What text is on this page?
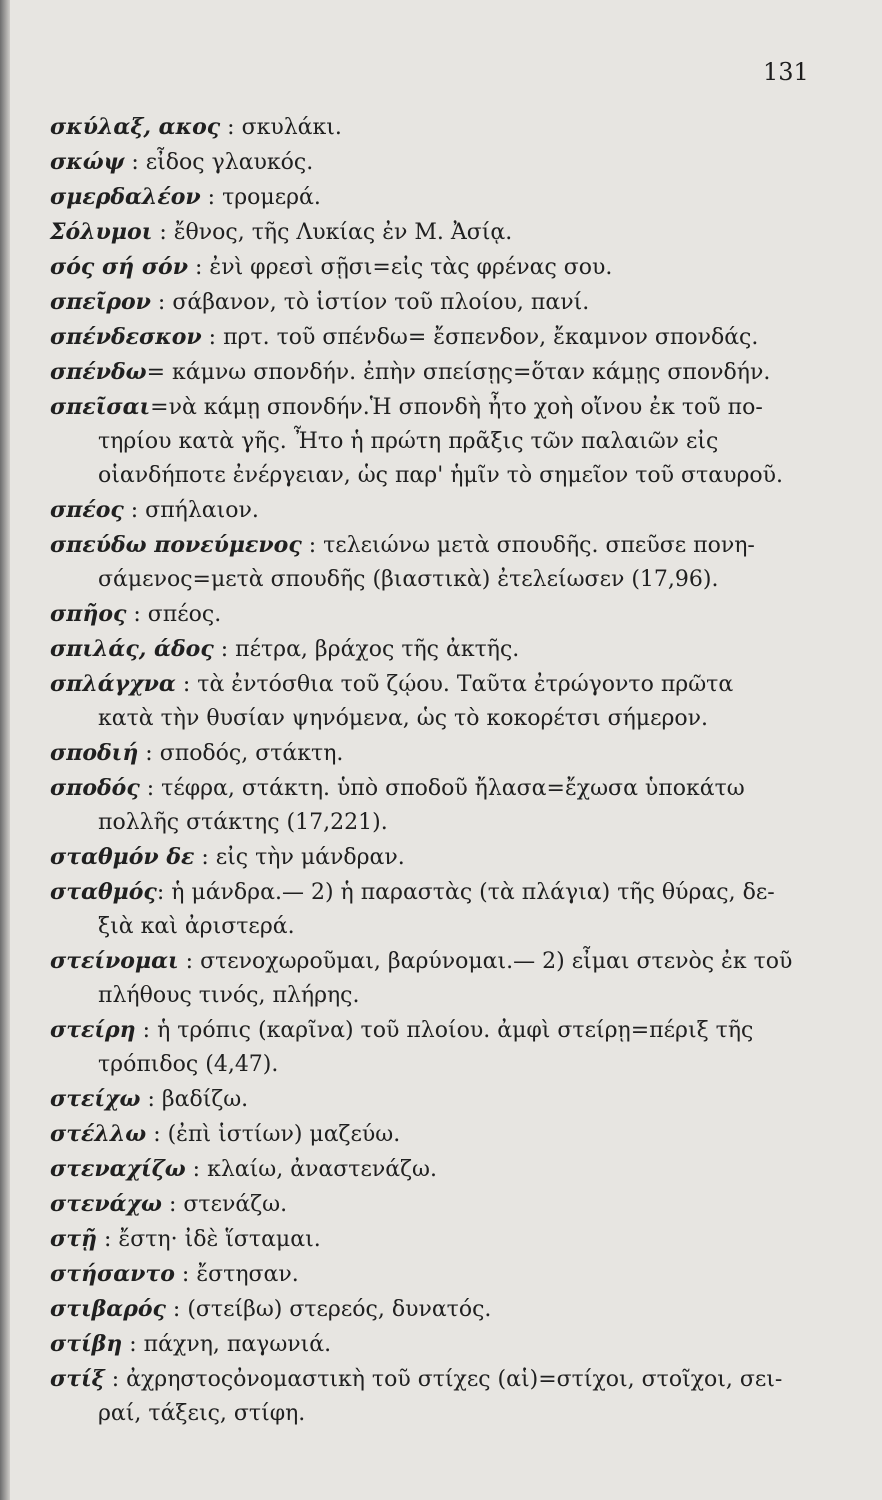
131
σκύλαξ, ακος : σκυλάκι.
σκώψ : εἶδος γλαυκός.
σμερδαλέον : τρομερά.
Σόλυμοι : ἔθνος, τῆς Λυκίας ἐν Μ. Ἀσίᾳ.
σός σή σόν : ἐνὶ φρεσὶ σῇσι=εἰς τὰς φρένας σου.
σπεῖρον : σάβανον, τὸ ἱστίον τοῦ πλοίου, πανί.
σπένδεσκον : πρτ. τοῦ σπένδω= ἔσπενδον, ἔκαμνον σπονδάς.
σπένδω= κάμνω σπονδήν. ἐπὴν σπείσῃς=ὅταν κάμῃς σπονδήν.
σπεῖσαι=νὰ κάμῃ σπονδήν.Ἡ σπονδὴ ἦτο χοὴ οἴνου ἐκ τοῦ πο-
τηρίου κατὰ γῆς. Ἦτο ἡ πρώτη πρᾶξις τῶν παλαιῶν εἰς
οἱανδήποτε ἐνέργειαν, ὡς παρ' ἡμῖν τὸ σημεῖον τοῦ σταυροῦ.
σπέος : σπήλαιον.
σπεύδω πονεύμενος : τελειώνω μετὰ σπουδῆς. σπεῦσε πονη-
σάμενος=μετὰ σπουδῆς (βιαστικὰ) ἐτελείωσεν (17,96).
σπῆος : σπέος.
σπιλάς, άδος : πέτρα, βράχος τῆς ἀκτῆς.
σπλάγχνα : τὰ ἐντόσθια τοῦ ζῴου. Ταῦτα ἐτρώγοντο πρῶτα
κατὰ τὴν θυσίαν ψηνόμενα, ὡς τὸ κοκορέτσι σήμερον.
σποδιή : σποδός, στάκτη.
σποδός : τέφρα, στάκτη. ὑπὸ σποδοῦ ἤλασα=ἔχωσα ὑποκάτω
πολλῆς στάκτης (17,221).
σταθμόν δε : εἰς τὴν μάνδραν.
σταθμός: ἡ μάνδρα.— 2) ἡ παραστὰς (τὰ πλάγια) τῆς θύρας, δε-
ξιὰ καὶ ἀριστερά.
στείνομαι : στενοχωροῦμαι, βαρύνομαι.— 2) εἶμαι στενὸς ἐκ τοῦ
πλήθους τινός, πλήρης.
στείρη : ἡ τρόπις (καρῖνα) τοῦ πλοίου. ἀμφὶ στείρῃ=πέριξ τῆς
τρόπιδος (4,47).
στείχω : βαδίζω.
στέλλω : (ἐπὶ ἱστίων) μαζεύω.
στεναχίζω : κλαίω, ἀναστενάζω.
στενάχω : στενάζω.
στῇ : ἔστη· ἰδὲ ἵσταμαι.
στήσαντο : ἔστησαν.
στιβαρός : (στείβω) στερεός, δυνατός.
στίβη : πάχνη, παγωνιά.
στίξ : ἀχρηστοςὀνομαστικὴ τοῦ στίχες (αἱ)=στίχοι, στοῖχοι, σει-
ραί, τάξεις, στίφη.
